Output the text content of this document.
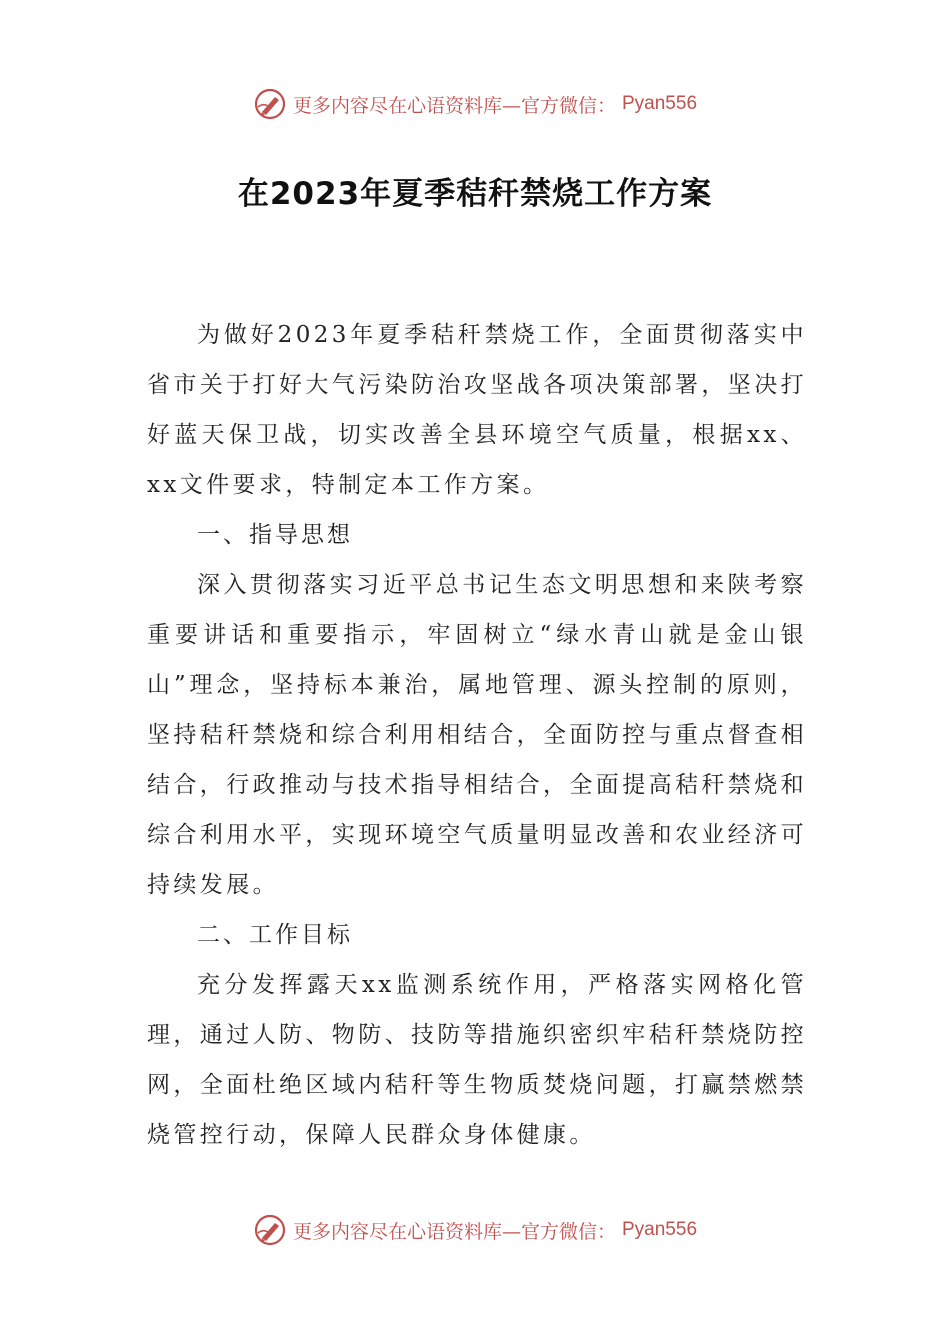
更多内容尽在心语资料库—官方微信： Pyan556
在2023年夏季秸秆禁烧工作方案

为做好2023年夏季秸秆禁烧工作，全面贯彻落实中省市关于打好大气污染防治攻坚战各项决策部署，坚决打好蓝天保卫战，切实改善全县环境空气质量，根据xx、xx文件要求，特制定本工作方案。

一、指导思想

深入贯彻落实习近平总书记生态文明思想和来陕考察重要讲话和重要指示，牢固树立“绿水青山就是金山银山”理念，坚持标本兼治，属地管理、源头控制的原则，坚持秸秆禁烧和综合利用相结合，全面防控与重点督查相结合，行政推动与技术指导相结合，全面提高秸秆禁烧和综合利用水平，实现环境空气质量明显改善和农业经济可持续发展。

二、工作目标

充分发挥露天xx监测系统作用，严格落实网格化管理，通过人防、物防、技防等措施织密织牢秸秆禁烧防控网，全面杜绝区域内秸秆等生物质焚烧问题，打赢禁燃禁烧管控行动，保障人民群众身体健康。

更多内容尽在心语资料库—官方微信： Pyan556
